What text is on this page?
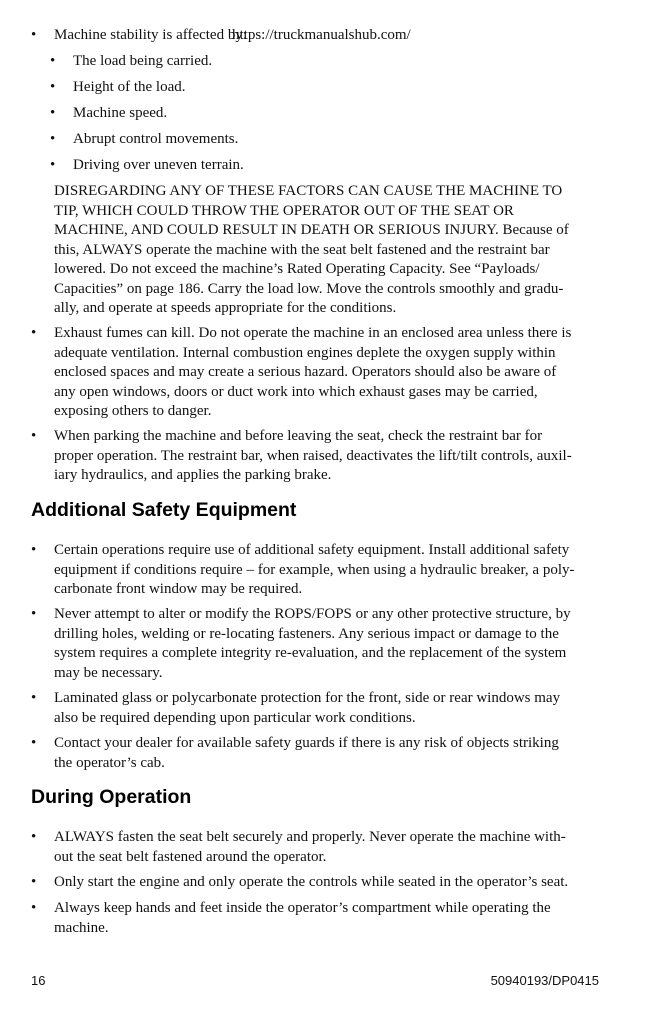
• Machine stability is affected by:
• The load being carried.
• Height of the load.
• Machine speed.
• Abrupt control movements.
• Driving over uneven terrain.
DISREGARDING ANY OF THESE FACTORS CAN CAUSE THE MACHINE TO
TIP, WHICH COULD THROW THE OPERATOR OUT OF THE SEAT OR
MACHINE, AND COULD RESULT IN DEATH OR SERIOUS INJURY. Because of
this, ALWAYS operate the machine with the seat belt fastened and the restraint bar
lowered. Do not exceed the machine’s Rated Operating Capacity. See “Payloads/
Capacities” on page 186. Carry the load low. Move the controls smoothly and gradu-
ally, and operate at speeds appropriate for the conditions.
• Exhaust fumes can kill. Do not operate the machine in an enclosed area unless there is
adequate ventilation. Internal combustion engines deplete the oxygen supply within
enclosed spaces and may create a serious hazard. Operators should also be aware of
any open windows, doors or duct work into which exhaust gases may be carried,
exposing others to danger.
• When parking the machine and before leaving the seat, check the restraint bar for
proper operation. The restraint bar, when raised, deactivates the lift/tilt controls, auxil-
iary hydraulics, and applies the parking brake.
Additional Safety Equipment
• Certain operations require use of additional safety equipment. Install additional safety
equipment if conditions require – for example, when using a hydraulic breaker, a poly-
carbonate front window may be required.
• Never attempt to alter or modify the ROPS/FOPS or any other protective structure, by
drilling holes, welding or re-locating fasteners. Any serious impact or damage to the
system requires a complete integrity re-evaluation, and the replacement of the system
may be necessary.
• Laminated glass or polycarbonate protection for the front, side or rear windows may
also be required depending upon particular work conditions.
• Contact your dealer for available safety guards if there is any risk of objects striking
the operator’s cab.
During Operation
• ALWAYS fasten the seat belt securely and properly. Never operate the machine with-
out the seat belt fastened around the operator.
• Only start the engine and only operate the controls while seated in the operator’s seat.
• Always keep hands and feet inside the operator’s compartment while operating the
machine.
16	50940193/DP0415
https://truckmanualshub.com/
